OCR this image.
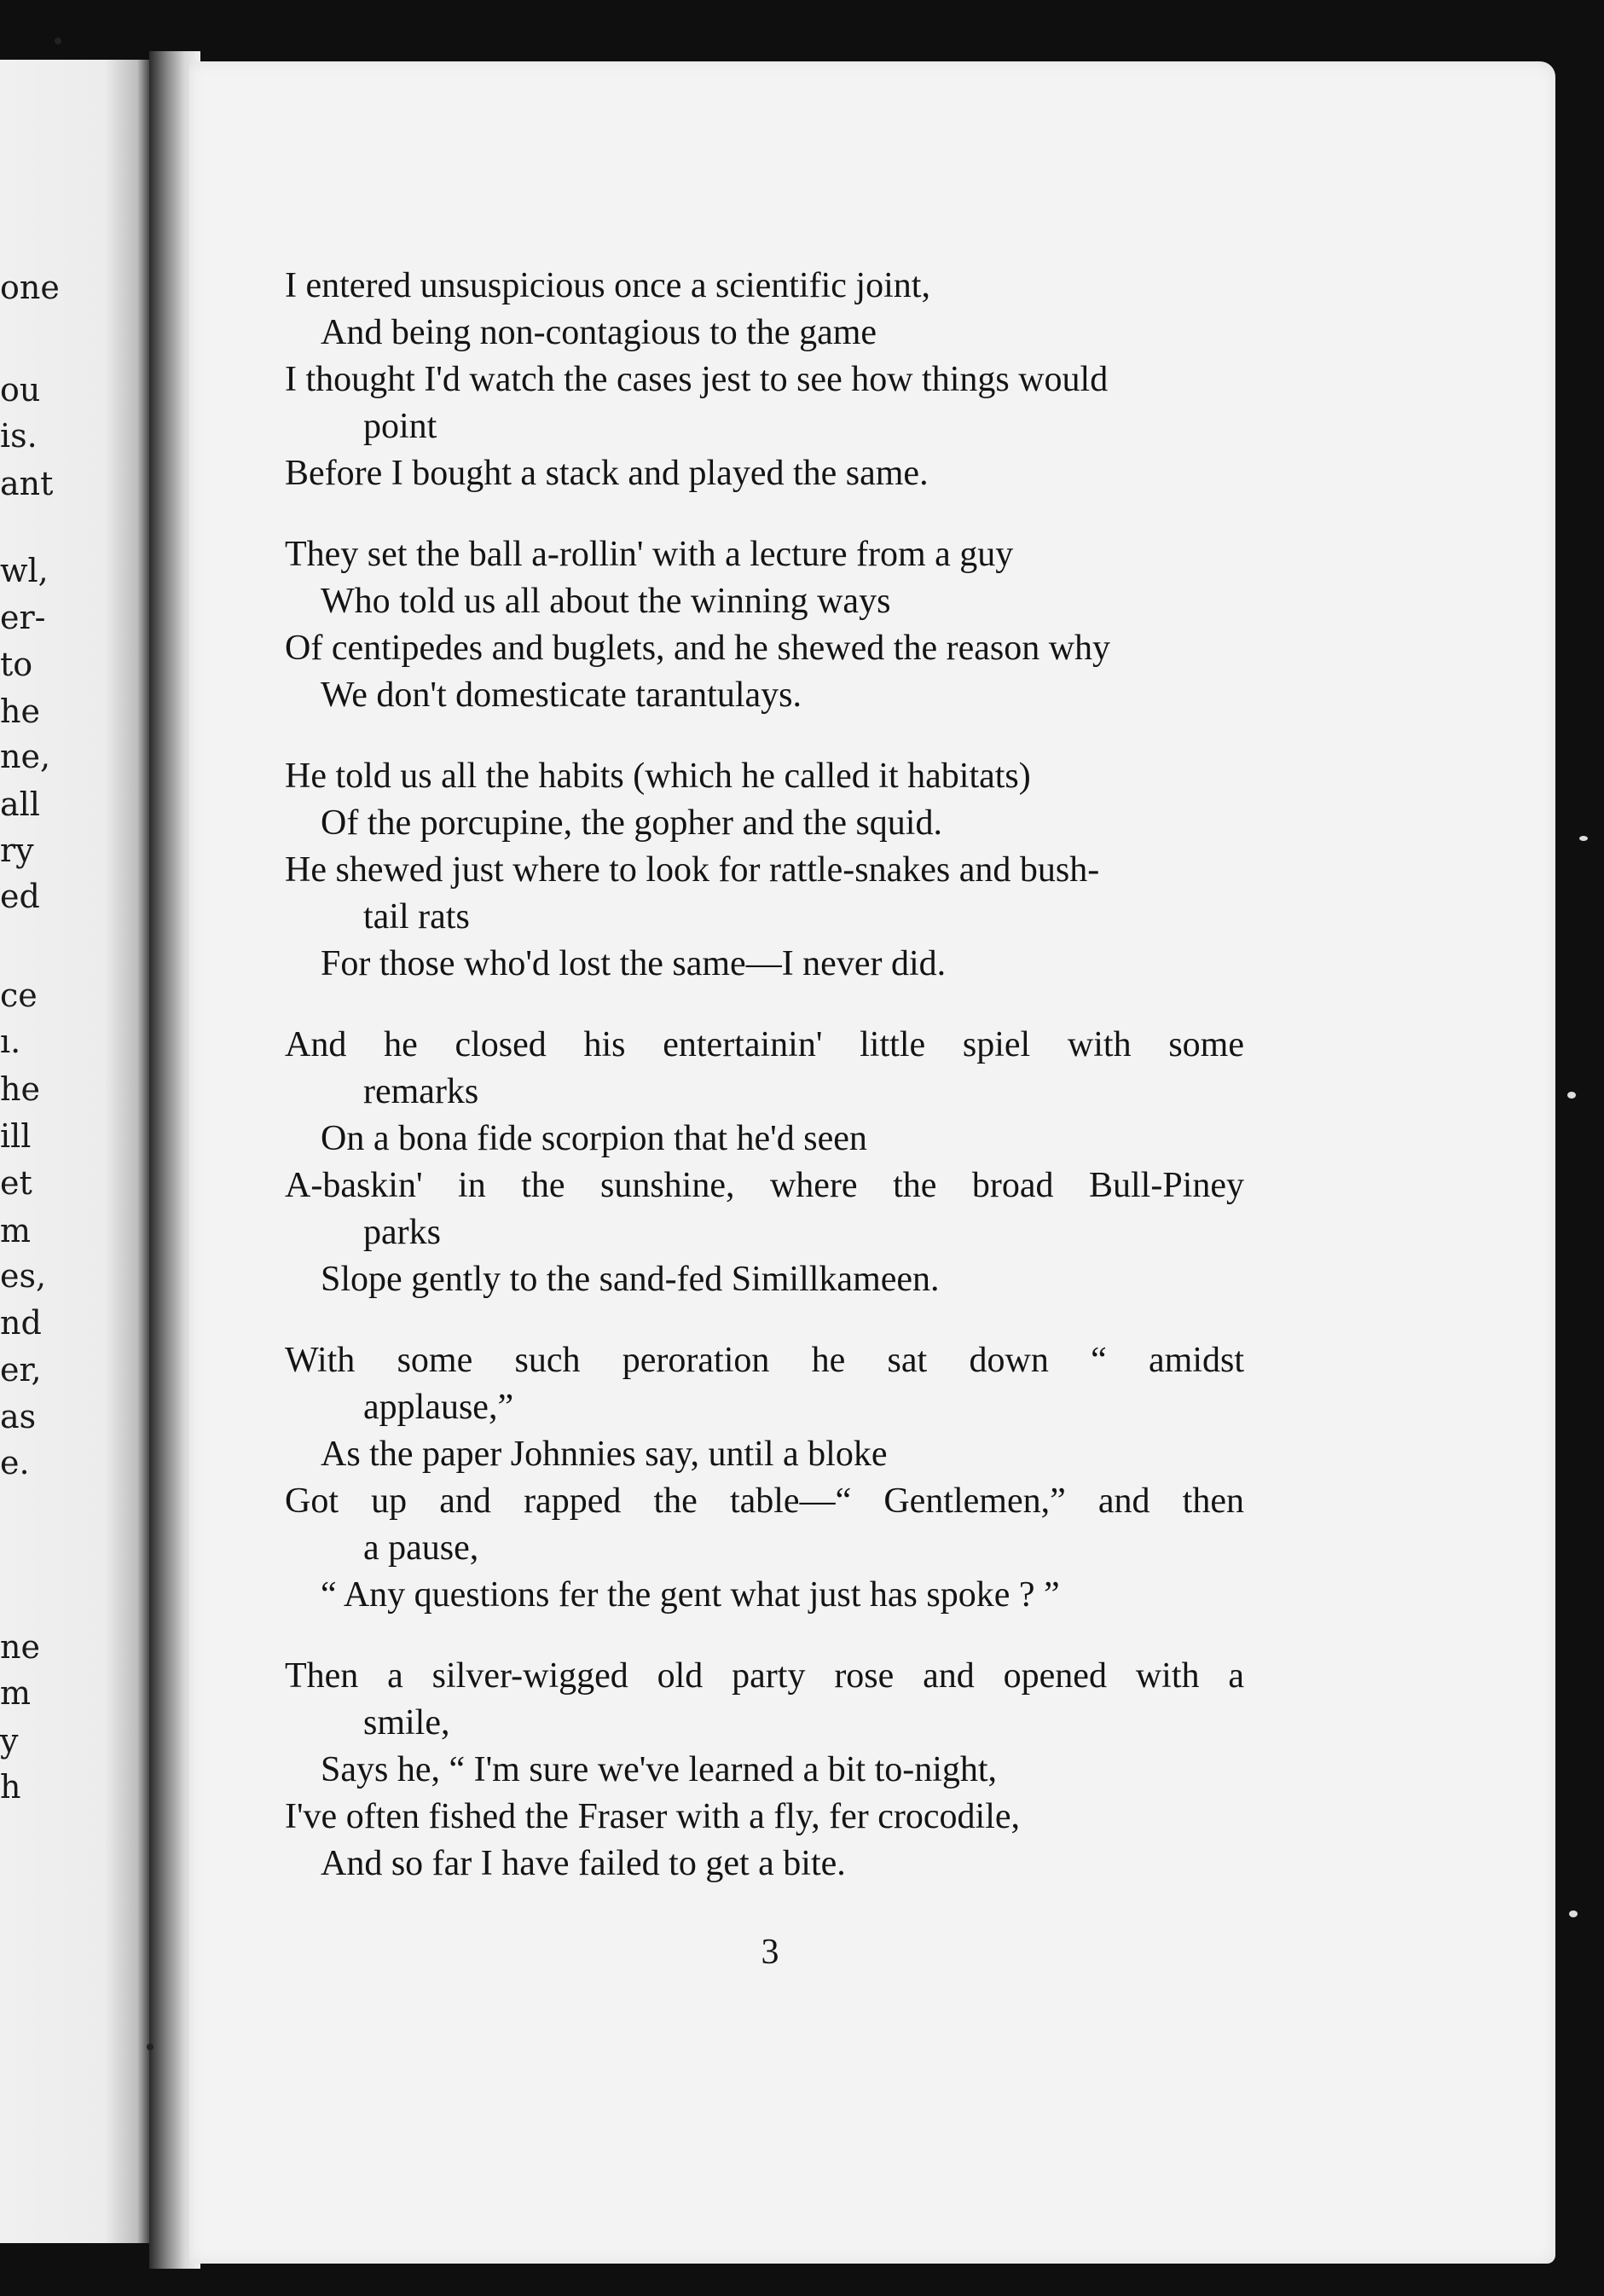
one
ou
is.
ant
wl,
er-
to
he
ne,
all
ry
ed
ce
ı.
he
ill
et
m
es,
nd
er,
as
e.
ne
m
y
h
I entered unsuspicious once a scientific joint,
And being non-contagious to the game
I thought I'd watch the cases jest to see how things would
point
Before I bought a stack and played the same.
They set the ball a-rollin' with a lecture from a guy
Who told us all about the winning ways
Of centipedes and buglets, and he shewed the reason why
We don't domesticate tarantulays.
He told us all the habits (which he called it habitats)
Of the porcupine, the gopher and the squid.
He shewed just where to look for rattle-snakes and bush-
tail rats
For those who'd lost the same—I never did.
And he closed his entertainin' little spiel with some
remarks
On a bona fide scorpion that he'd seen
A-baskin' in the sunshine, where the broad Bull-Piney
parks
Slope gently to the sand-fed Simillkameen.
With some such peroration he sat down “ amidst
applause,”
As the paper Johnnies say, until a bloke
Got up and rapped the table—“ Gentlemen,” and then
a pause,
“ Any questions fer the gent what just has spoke ? ”
Then a silver-wigged old party rose and opened with a
smile,
Says he, “ I'm sure we've learned a bit to-night,
I've often fished the Fraser with a fly, fer crocodile,
And so far I have failed to get a bite.
3
